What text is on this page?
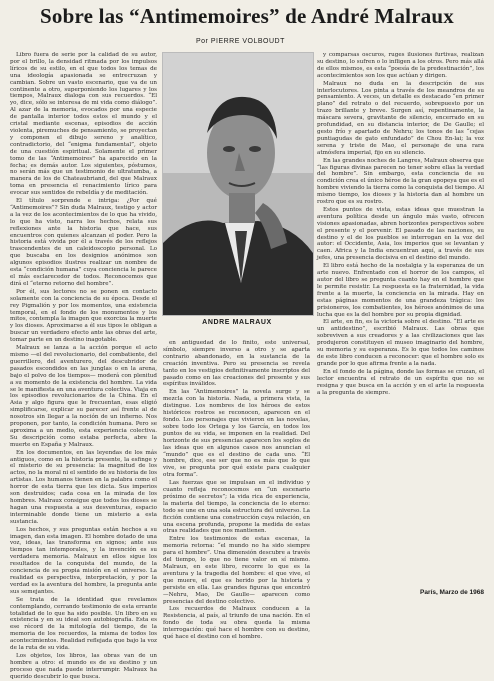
Sobre las “Antimemoires” de André Malraux
Por PIERRE VOLBOUDT

Libro fuera de serie por la calidad de su autor, por el brillo, la densidad ritmada por los impulsos líricos de su estilo, en el que todos los temas de una ideología apasionada se entrecruzan y cambian. Sobre un vasto escenario, que va de un continente a otro, superponiendo los lugares y los tiempos, Malraux dialoga con sus recuerdos. “El yo, dice, sólo se interesa de mi vida como diálogo”. Al azar de la memoria, evocados por una especie de pantalla interior todos estos el mundo y el cristal mediante escenas, episodios de acción violenta, piremuches de pensamiento, se proyectan y componen el dibujo sereno y analítico, contradictorio, del “enigma fundamental”, objeto de una cuestión espiritual. Solamente el primer tomo de las “Antimemoires” ha aparecido en la fecha; es demás autor. Los siguientes, póstumos, no serán más que un testimonio de ultratumba, a manera de los de Chateaubriand, del que Malraux toma en presencia el renacimiento lírico para evocar sus sentidos de rebeldía y de meditación.

El título sorprende e intriga: ¿Por qué “Antimemoires”? Sin duda Malraux, testigo y actor a la vez de los acontecimientos de lo que ha vivido, lo que ha visto, narra los hechos, relata sus reflexiones ante la historia que hace, sus encuentros con quienes alcanzan el poder. Pero la historia está vivida por él a través de los reflejos trascendentes de un caleidoscopio personal. Lo que buscaba en los designios anónimos son algunos episodios ilustres realizar un nombre de esta “condición humana” cuya conciencia le parece el más esclarecedor de todos. Reconocemos que dirá el “eterno retorno del hombre”.

Por él, sus lectores no se ponen en contacto solamente con la conciencia de su época. Desde el rey Pigmalión y por los momentos, una existencia temporal, en el fondo de los monumentos y los mitos, contempla la imagen que exorciza la muerte y los dioses. Aproximarse a él sus tipos le obligan a buscar un verdadero efecto ante las obras del arte, tomar parte en un destino inagotable.

Malraux se lanza a la acción porque el acto mismo —el del revolucionario, del combatiente, del guerrillero, del aventurero, del descubridor de pasados escondidos en las junglas o en la arena, bajo el polvo de los tiempos— moderá con plenitud a su momento de la existencia del hombre. La vida se le manifiesta en una aventura colectiva. Viaja en los episodios revolucionarios de la China. En el Asia y algo figura que le frecuentan, esas eligió simplificarse, explicar su parecer así frente al de nosotros sin llegar a la noción de un infierno. Nos proponen, por tanto, la condición humana. Pero se aproxima a un medio, esta experiencia colectiva. Su descripción como estaba perfecta, abre la muerte en España y Malraux.

En los documentos, en las leyendas de los más antiguos, como en la historia presente, la esfinge y el misterio de su presencia: la magnitud de los actos, no la moral ni el sentido de su historia de los artistas. Los humanos tienen en la palabra como el horror de esta tierra que les dicta. Sus imperios son destruidos; cada cosa en la mirada de los hombres. Malraux consigue que todos los dioses se hagan una respuesta a sus desventuras, espacio interminable donde tiene un misterio a esta sustancia.

Los hechos, y sus preguntas están hechos a su imagen, dan esta imagen. El hombre dotado de una voz, ideas, las transforma en signos; ante sus tiempos tan intemporales, y la invención es su verdadera memoria. Malraux en ellos sigue los resultados de la conquista del mundo, de la conciencia de su propia misión en el universo. La realidad es perspectiva, interpretación, y por la verdad es la aventura del hombre, la pregunta ante sus semejantes.

Se trata de la identidad que revelamos contemplando, cerrando testimonio de esta errante totalidad de lo que ha sido posible. Un libro en su existencia y en su ideal son autobiografía. Esta es ese récord de la mitología del tiempo, de la memoria de los recuerdos, la misma de todos los acontecimientos. Realidad reflejada que bajo la voz de la ruta de su vida.

Los objetos, los libros, las obras van de un hombre a otro: el mundo es de su destino y un proceso que nada puede interrumpir. Malraux ha querido descubrir lo que busca.

ANDRE MALRAUX

en antiguedad de lo finito, este universal, símbolo, siempre inverso a otro y se aparta contrario abandonado, en la sustancia de la creación inventiva. Pero su presencia se revela tanto en los vestigios definitivamente inscriptos del pasado como en las creaciones del presente y sus espíritus inválidos.

En las “Antimemoires” la novela surge y se mezcla con la historia. Nada, a primera vista, la distingue. Los nombres de los héroes de estos históricos rostros se reconocen, aparecen en el fondo. Los personajes que vivieron en las novelas, sobre todo los Ortega y los García, en todos los puntos de su vida, se imponen en la realidad. Del horizonte de sus presencias aparecen los soplos de las ideas que en algunos casos nos anuncian el “mundo” que es el destino de cada uno. “El hombre, dice, ese ser que no es más que lo que vive, se pregunta por qué existe para cualquier otra forma”.

Las fuerzas que se impulsan en el individuo y cuanto refleja reconocemos en “un escenario próximo de secretos”; la vida rica de experiencia, la materia del tiempo, la conciencia de lo eterno: todo se une en una sola estructura del universo. La ficción contiene una construcción cuya relación, en una escena profunda, propone la medida de estas otras realidades que nos mantienen.

Entre los testimonios de estas escenas, la memoria retorna: “el mundo no ha sido siempre para el hombre”. Una dimensión descubre a través del tiempo, lo que no tiene valor en sí mismo. Malraux, en este libro, recorre lo que es la aventura y la tragedia del hombre: el que vive, el que muere, el que es herido por la historia y persiste en ella. Las grandes figuras que encontró —Nehru, Mao, De Gaulle— aparecen como presencias del destino colectivo.

Los recuerdos de Malraux conducen a la Resistencia, al país, al triunfo de una nación. En el fondo de toda su obra queda la misma interrogación: qué hace el hombre con su destino, qué hace el destino con el hombre.

y comparsas oscuros, ruges ilusiones furtivas, realizan su destino, lo sufren o lo infligen a los otros. Pero más allá de ellos mismos, es esta “poesía de la predestinación”, los acontecimientos son los que actúan y dirigen.

Malraux no duda en la descripción de sus interlocutores. Los pinta a través de los meandros de su pensamiento. A veces, un detalle es destacado “en primer plano” del retrato o del recuerdo, sobrepuesto por un trazo brillante y breve. Surgen así, repentinamente, la máscara severa, gravitante de silencio, encerrado en su profundidad, en su distancia interior, de De Gaulle; el gesto frío y apartado de Nehru; los tonos de las “cejas puntiagudas de gato enfundado” de Chou En-lai; la voz serena y triste de Mao, el personaje de una rara atmósfera imperial, fijo en su silencio.

En las grandes noches de Langres, Malraux observa que “las figuras divinas parecen no tener sobre ellas la verdad del hombre”. Sin embargo, esta conciencia de su condición crea el único héroe de la gran epopeya que es el hombre viviendo la tierra como la conquista del tiempo. Al mismo tiempo, los dioses y la historia dan al hombre un rostro que es su rostro.

Estos puntos de vista, estas ideas que muestran la aventura política desde un ángulo más vasto, ofrecen visiones apasionadas, abren horizontes perspectivos sobre el presente y el porvenir. El pasado de las naciones, su destino y el de los pueblos se interrogan en la voz del autor: el Occidente, Asia, los imperios que se levantan y caen. Africa y la India encuentran aquí, a través de sus jefes, una presencia decisiva en el destino del mundo.

El libro está hecho de la nostalgia y la esperanza de un arte nuevo. Enfrentado con el horror de los campos, el autor del libro se pregunta cuanto hay en el hombre que le permite resistir. La respuesta es la fraternidad, la vida frente a la muerte, la conciencia en la mirada. Hay en estas páginas momentos de una grandeza trágica: los prisioneros, los combatientes, los héroes anónimos de una lucha que es la del hombre por su propia dignidad.

El arte, en fin, es la victoria sobre el destino. “El arte es un antidestino”, escribió Malraux. Las obras que sobreviven a sus creadores y a las civilizaciones que las produjeron constituyen el museo imaginario del hombre, su memoria y su esperanza. Es lo que todos los caminos de este libro conducen a reconocer: que el hombre solo es grande por lo que afirma frente a la nada.

En el fondo de la página, donde las formas se cruzan, el lector encuentra el retrato de un espíritu que no se resigna y que busca en la acción y en el arte la respuesta a la pregunta de siempre.

París, Marzo de 1968
